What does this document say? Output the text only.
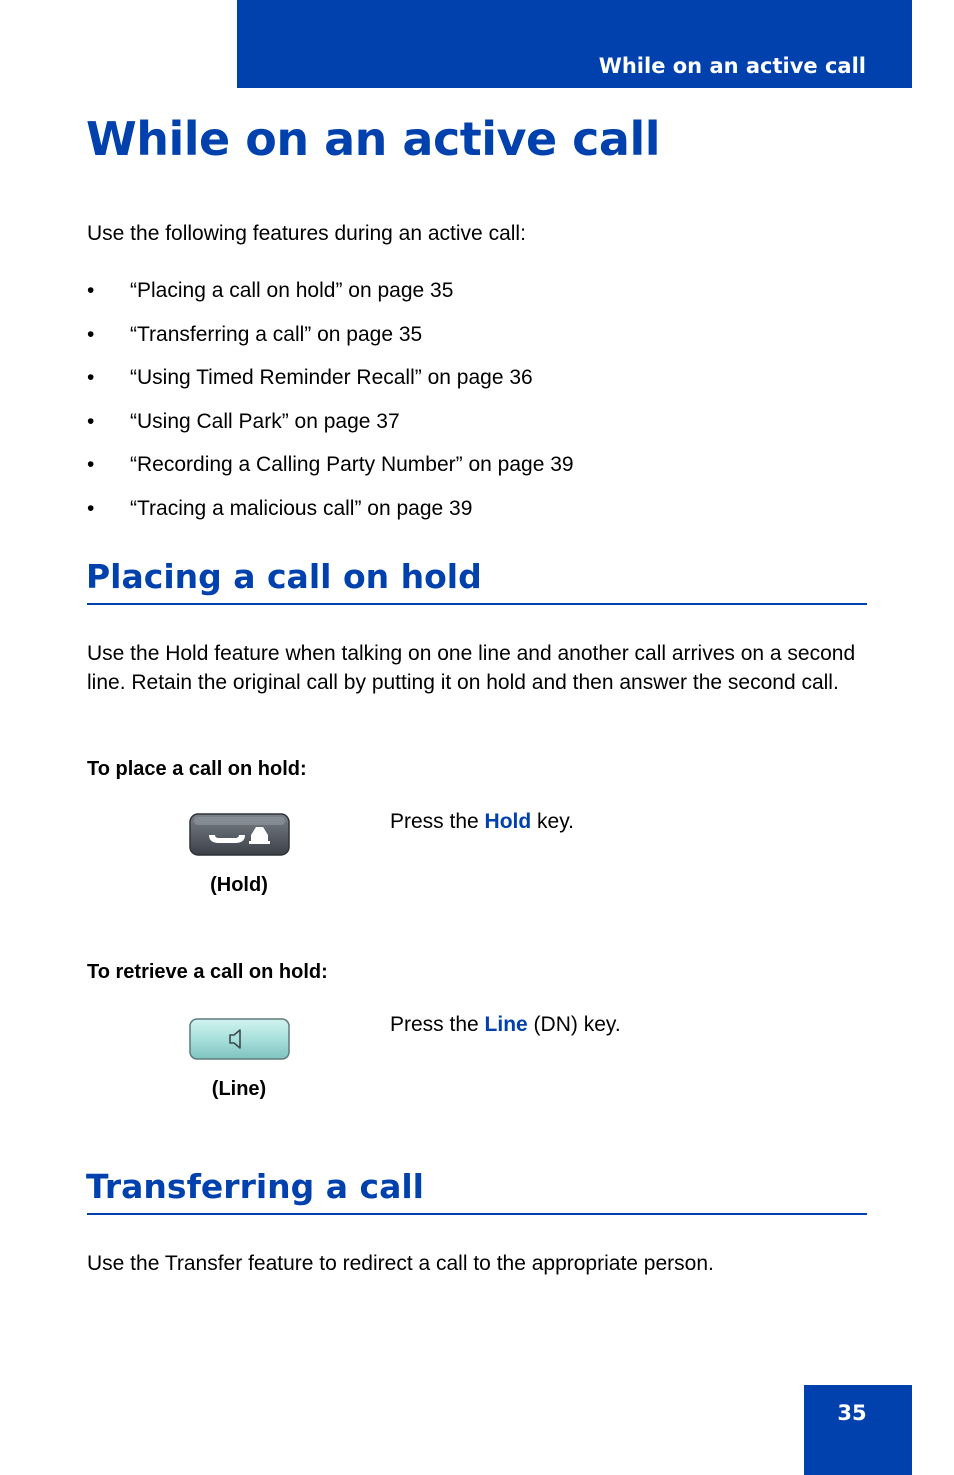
While on an active call
While on an active call
Use the following features during an active call:
• “Placing a call on hold” on page 35
• “Transferring a call” on page 35
• “Using Timed Reminder Recall” on page 36
• “Using Call Park” on page 37
• “Recording a Calling Party Number” on page 39
• “Tracing a malicious call” on page 39
Placing a call on hold

Use the Hold feature when talking on one line and another call arrives on a second line. Retain the original call by putting it on hold and then answer the second call.

To place a call on hold:
(Hold)
Press the Hold key.
To retrieve a call on hold:
(Line)
Press the Line (DN) key.
Transferring a call

Use the Transfer feature to redirect a call to the appropriate person.

35
